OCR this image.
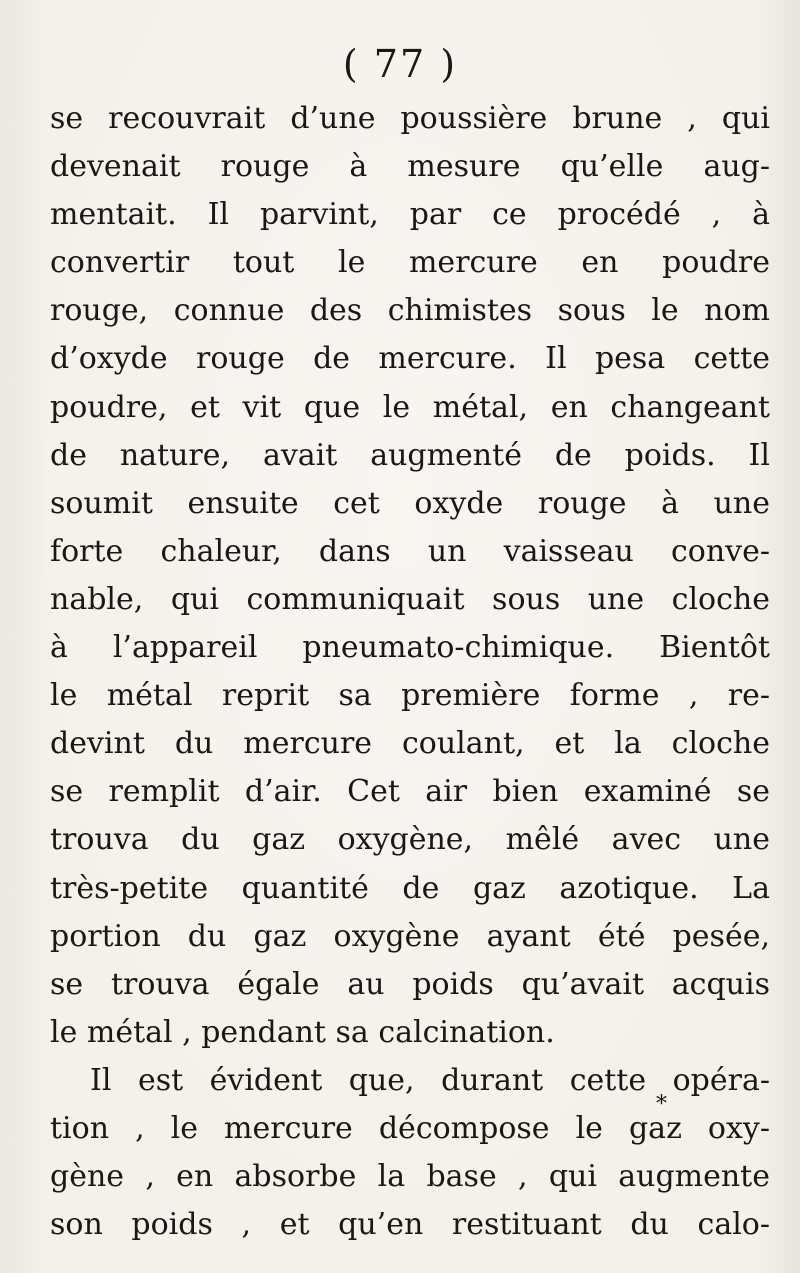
( 77 )
se recouvrait d’une poussière brune , qui
devenait rouge à mesure qu’elle aug-
mentait. Il parvint, par ce procédé , à
convertir tout le mercure en poudre
rouge, connue des chimistes sous le nom
d’oxyde rouge de mercure. Il pesa cette
poudre, et vit que le métal, en changeant
de nature, avait augmenté de poids. Il
soumit ensuite cet oxyde rouge à une
forte chaleur, dans un vaisseau conve-
nable, qui communiquait sous une cloche
à l’appareil pneumato-chimique. Bientôt
le métal reprit sa première forme , re-
devint du mercure coulant, et la cloche
se remplit d’air. Cet air bien examiné se
trouva du gaz oxygène, mêlé avec une
très-petite quantité de gaz azotique. La
portion du gaz oxygène ayant été pesée,
se trouva égale au poids qu’avait acquis
le métal , pendant sa calcination.
Il est évident que, durant cette opéra-
tion , le mercure décompose le gaz oxy-
gène , en absorbe la base , qui augmente
son poids , et qu’en restituant du calo-
*
